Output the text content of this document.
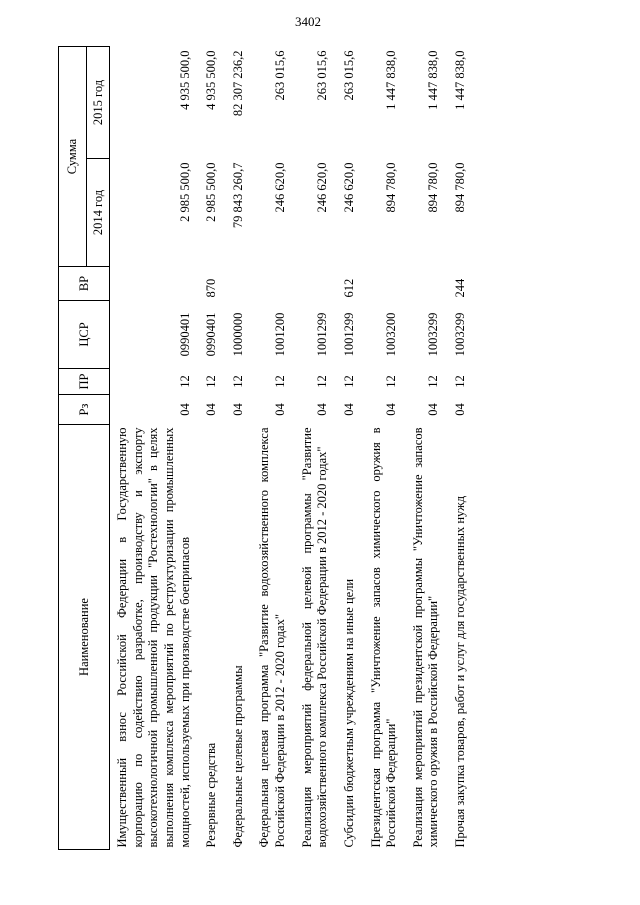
3402
Наименование	Рз	ПР	ЦСР	ВР	Сумма	
					2014 год	2015 год
Имущественный взнос Российской Федерации в Государственную корпорацию по содействию разработке, производству и экспорту высокотехнологичной промышленной продукции "Ростехнологии" в целях выполнения комплекса мероприятий по реструктуризации промышленных мощностей, используемых при производстве боеприпасов	04	12	0990401		2 985 500,0	4 935 500,0
Резервные средства	04	12	0990401	870	2 985 500,0	4 935 500,0
Федеральные целевые программы	04	12	1000000		79 843 260,7	82 307 236,2
Федеральная целевая программа "Развитие водохозяйственного комплекса Российской Федерации в 2012 - 2020 годах"	04	12	1001200		246 620,0	263 015,6
Реализация мероприятий федеральной целевой программы "Развитие водохозяйственного комплекса Российской Федерации в 2012 - 2020 годах"	04	12	1001299		246 620,0	263 015,6
Субсидии бюджетным учреждениям на иные цели	04	12	1001299	612	246 620,0	263 015,6
Президентская программа "Уничтожение запасов химического оружия в Российской Федерации"	04	12	1003200		894 780,0	1 447 838,0
Реализация мероприятий президентской программы "Уничтожение запасов химического оружия в Российской Федерации"	04	12	1003299		894 780,0	1 447 838,0
Прочая закупка товаров, работ и услуг для государственных нужд	04	12	1003299	244	894 780,0	1 447 838,0
